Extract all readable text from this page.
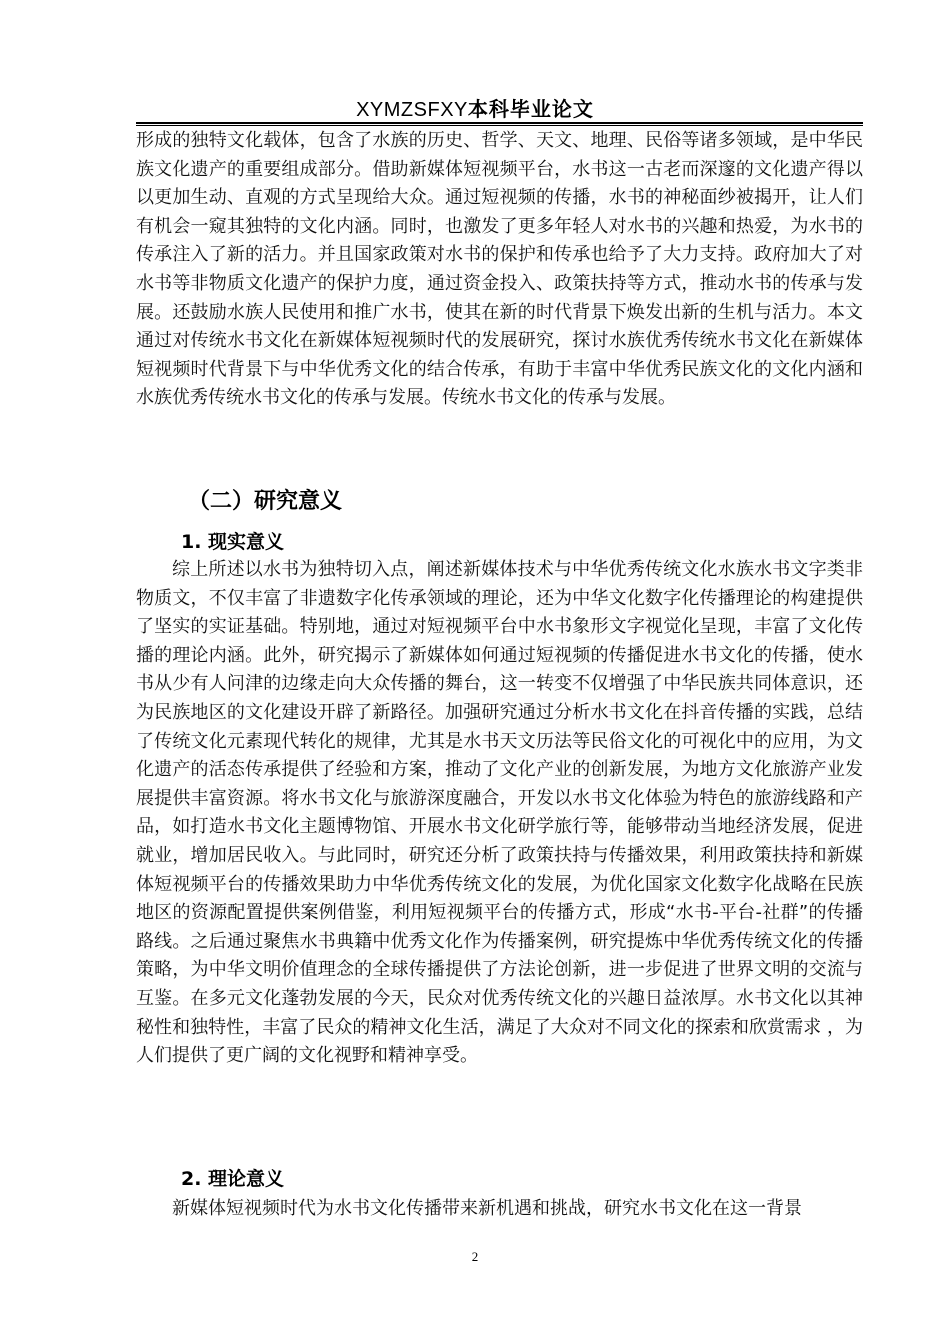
XYMZSFXY本科毕业论文
形成的独特文化载体，包含了水族的历史、哲学、天文、地理、民俗等诸多领域，是中华民族文化遗产的重要组成部分。借助新媒体短视频平台，水书这一古老而深邃的文化遗产得以以更加生动、直观的方式呈现给大众。通过短视频的传播，水书的神秘面纱被揭开，让人们有机会一窥其独特的文化内涵。同时，也激发了更多年轻人对水书的兴趣和热爱，为水书的传承注入了新的活力。并且国家政策对水书的保护和传承也给予了大力支持。政府加大了对水书等非物质文化遗产的保护力度，通过资金投入、政策扶持等方式，推动水书的传承与发展。还鼓励水族人民使用和推广水书，使其在新的时代背景下焕发出新的生机与活力。本文通过对传统水书文化在新媒体短视频时代的发展研究，探讨水族优秀传统水书文化在新媒体短视频时代背景下与中华优秀文化的结合传承，有助于丰富中华优秀民族文化的文化内涵和水族优秀传统水书文化的传承与发展。传统水书文化的传承与发展。
（二）研究意义
1. 现实意义
综上所述以水书为独特切入点，阐述新媒体技术与中华优秀传统文化水族水书文字类非物质文，不仅丰富了非遗数字化传承领域的理论，还为中华文化数字化传播理论的构建提供了坚实的实证基础。特别地，通过对短视频平台中水书象形文字视觉化呈现，丰富了文化传播的理论内涵。此外，研究揭示了新媒体如何通过短视频的传播促进水书文化的传播，使水书从少有人问津的边缘走向大众传播的舞台，这一转变不仅增强了中华民族共同体意识，还为民族地区的文化建设开辟了新路径。加强研究通过分析水书文化在抖音传播的实践，总结了传统文化元素现代转化的规律，尤其是水书天文历法等民俗文化的可视化中的应用，为文化遗产的活态传承提供了经验和方案，推动了文化产业的创新发展，为地方文化旅游产业发展提供丰富资源。将水书文化与旅游深度融合，开发以水书文化体验为特色的旅游线路和产品，如打造水书文化主题博物馆、开展水书文化研学旅行等，能够带动当地经济发展，促进就业，增加居民收入。与此同时，研究还分析了政策扶持与传播效果，利用政策扶持和新媒体短视频平台的传播效果助力中华优秀传统文化的发展，为优化国家文化数字化战略在民族地区的资源配置提供案例借鉴，利用短视频平台的传播方式，形成“水书-平台-社群”的传播路线。之后通过聚焦水书典籍中优秀文化作为传播案例，研究提炼中华优秀传统文化的传播策略，为中华文明价值理念的全球传播提供了方法论创新，进一步促进了世界文明的交流与互鉴。在多元文化蓬勃发展的今天，民众对优秀传统文化的兴趣日益浓厚。水书文化以其神秘性和独特性，丰富了民众的精神文化生活，满足了大众对不同文化的探索和欣赏需求 ，为人们提供了更广阔的文化视野和精神享受。
2. 理论意义
新媒体短视频时代为水书文化传播带来新机遇和挑战，研究水书文化在这一背景
2
